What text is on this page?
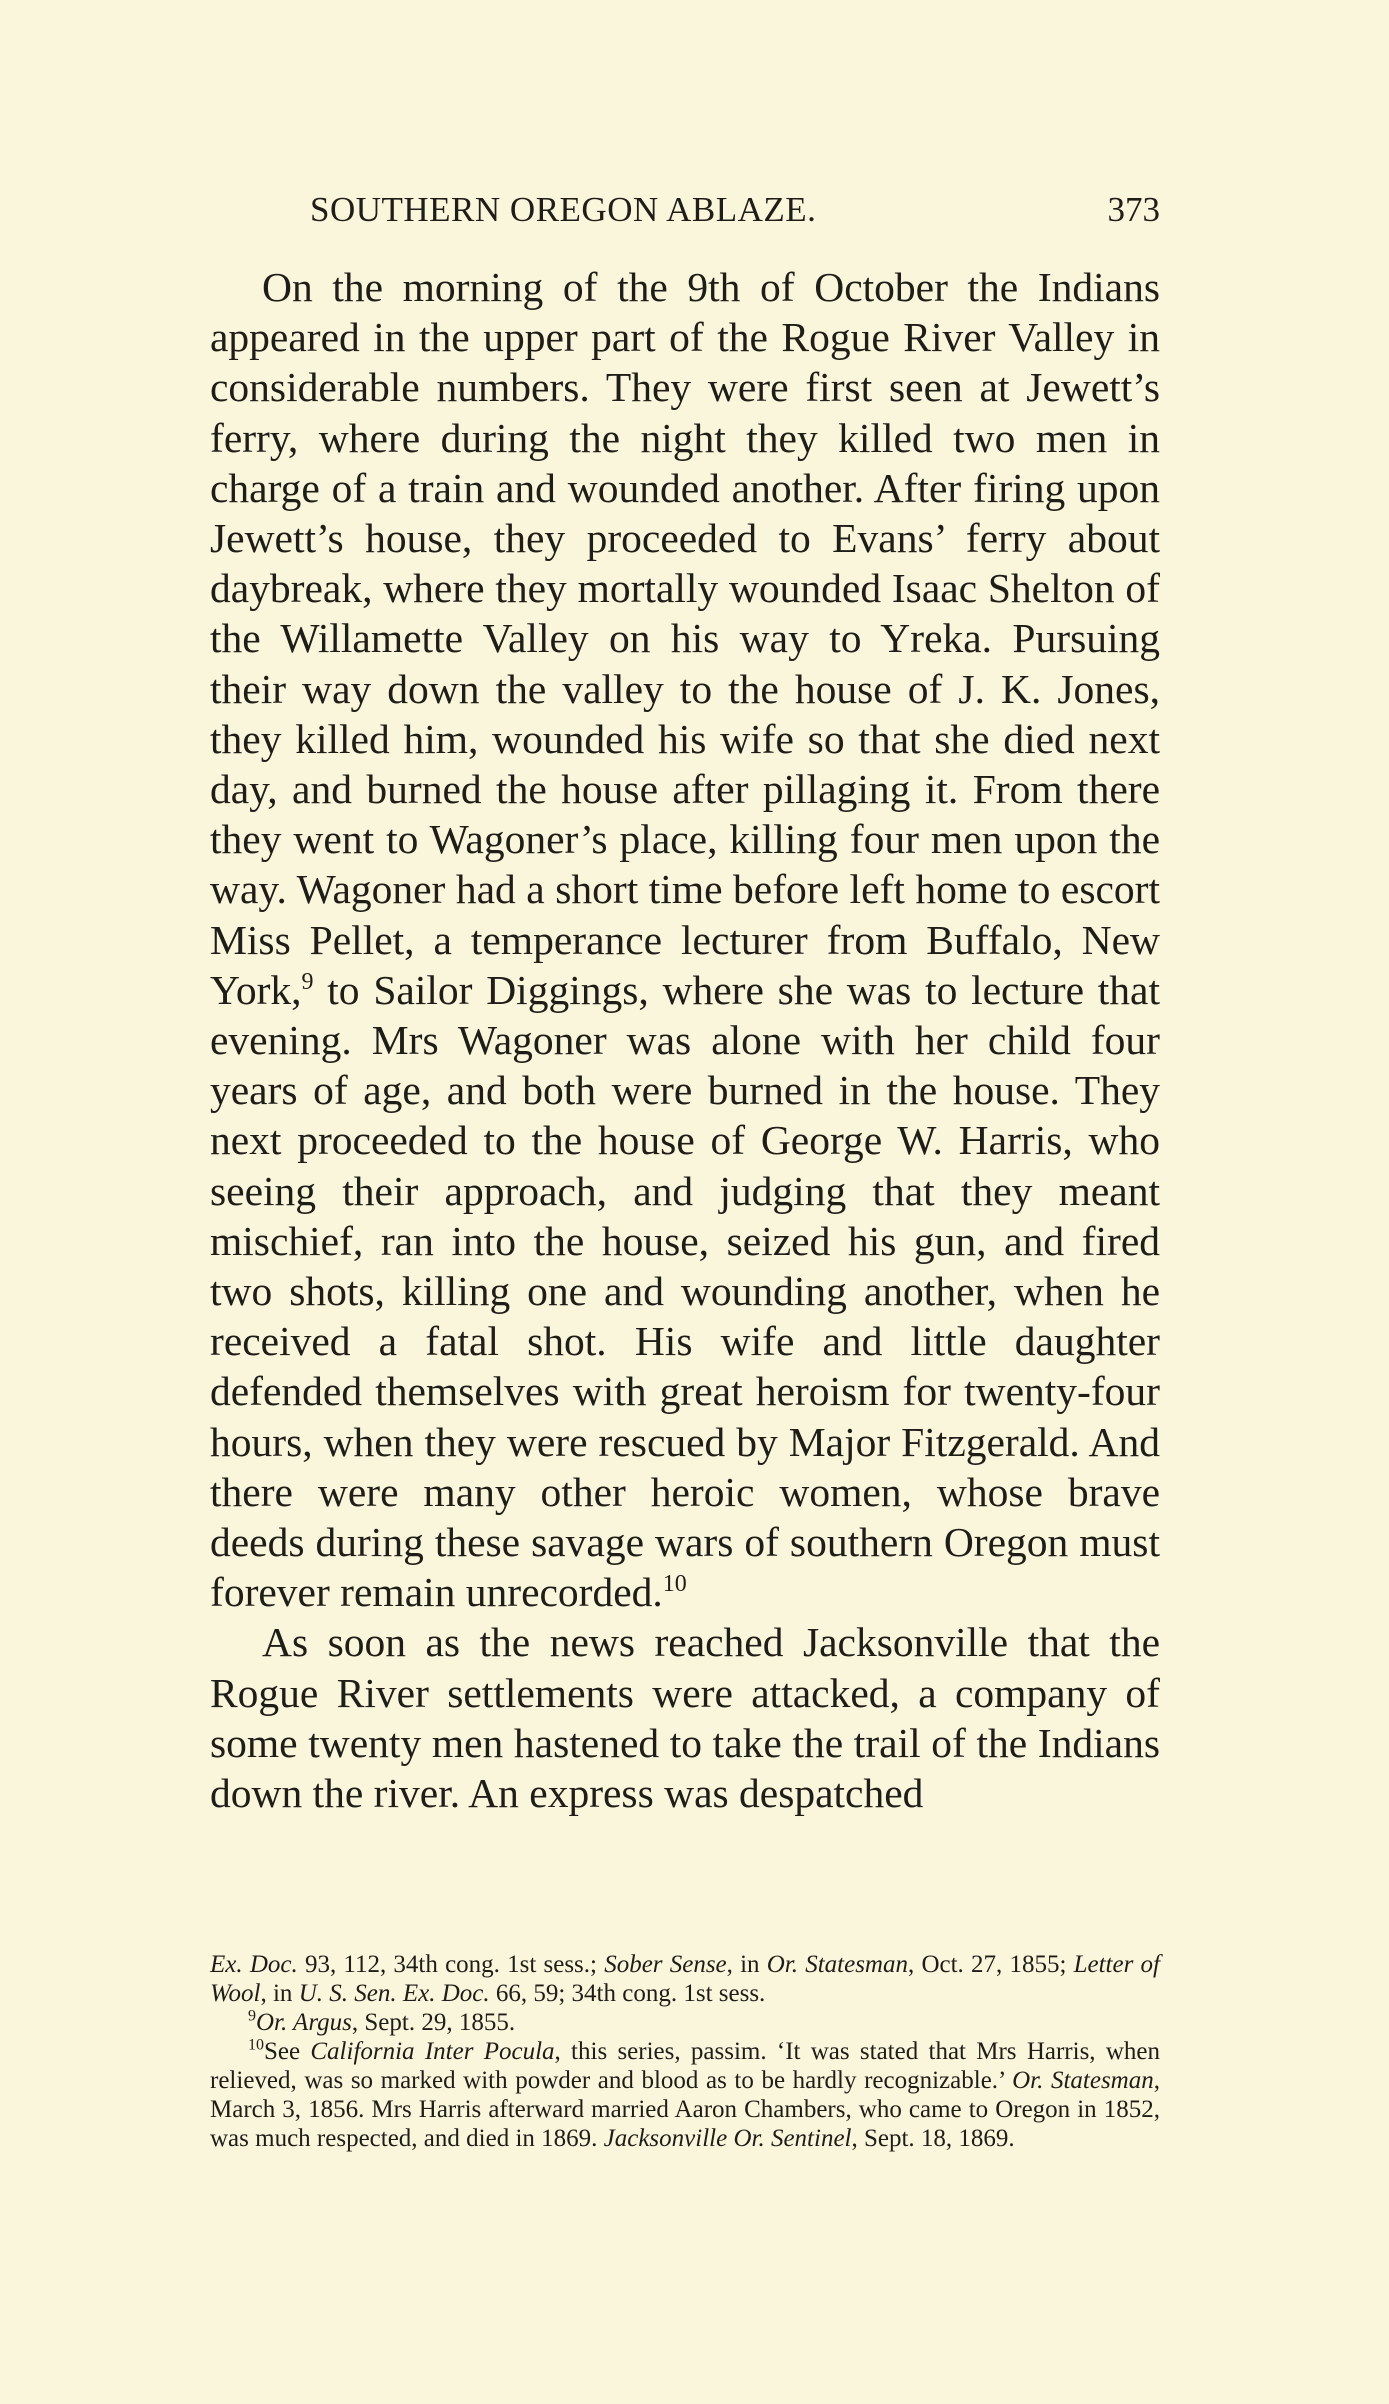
SOUTHERN OREGON ABLAZE.	373

On the morning of the 9th of October the Indians appeared in the upper part of the Rogue River Valley in considerable numbers. They were first seen at Jewett’s ferry, where during the night they killed two men in charge of a train and wounded another. After firing upon Jewett’s house, they proceeded to Evans’ ferry about daybreak, where they mortally wounded Isaac Shelton of the Willamette Valley on his way to Yreka. Pursuing their way down the valley to the house of J. K. Jones, they killed him, wounded his wife so that she died next day, and burned the house after pillaging it. From there they went to Wagoner’s place, killing four men upon the way. Wagoner had a short time before left home to escort Miss Pellet, a temperance lecturer from Buffalo, New York,$^9$ to Sailor Diggings, where she was to lecture that evening. Mrs Wagoner was alone with her child four years of age, and both were burned in the house. They next proceeded to the house of George W. Harris, who seeing their approach, and judging that they meant mischief, ran into the house, seized his gun, and fired two shots, killing one and wounding another, when he received a fatal shot. His wife and little daughter defended themselves with great heroism for twenty-four hours, when they were rescued by Major Fitzgerald. And there were many other heroic women, whose brave deeds during these savage wars of southern Oregon must forever remain unrecorded.$^{10}$

As soon as the news reached Jacksonville that the Rogue River settlements were attacked, a company of some twenty men hastened to take the trail of the Indians down the river. An express was despatched

Ex. Doc. 93, 112, 34th cong. 1st sess.; Sober Sense, in Or. Statesman, Oct. 27, 1855; Letter of Wool, in U. S. Sen. Ex. Doc. 66, 59; 34th cong. 1st sess.

$^9$Or. Argus, Sept. 29, 1855.

$^{10}$See California Inter Pocula, this series, passim. ‘It was stated that Mrs Harris, when relieved, was so marked with powder and blood as to be hardly recognizable.’ Or. Statesman, March 3, 1856. Mrs Harris afterward married Aaron Chambers, who came to Oregon in 1852, was much respected, and died in 1869. Jacksonville Or. Sentinel, Sept. 18, 1869.
